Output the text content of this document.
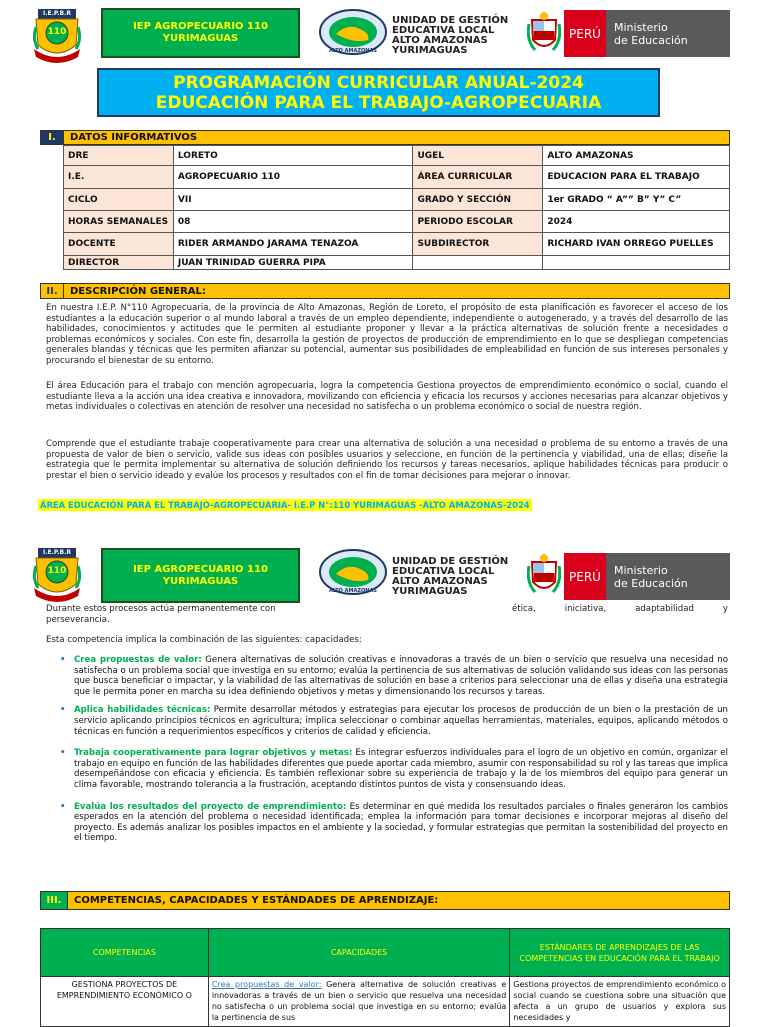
I.E.P.B.R
110	IEP AGROPECUARIO 110 YURIMAGUAS
ALTO AMAZONAS
UNIDAD DE GESTIÓN
EDUCATIVA LOCAL
ALTO AMAZONAS
YURIMAGUAS
PERÚ	Ministerio
de Educación
PROGRAMACIÓN CURRICULAR ANUAL-2024
EDUCACIÓN PARA EL TRABAJO-AGROPECUARIA
I.	DATOS INFORMATIVOS
DRE	LORETO	UGEL	ALTO AMAZONAS
I.E.	AGROPECUARIO 110	ÁREA CURRICULAR	EDUCACION PARA EL TRABAJO
CICLO	VII	GRADO Y SECCIÓN	1er GRADO “ A”” B” Y” C”
HORAS SEMANALES	08	PERIODO ESCOLAR	2024
DOCENTE	RIDER ARMANDO JARAMA TENAZOA	SUBDIRECTOR	RICHARD IVAN ORREGO PUELLES
DIRECTOR	JUAN TRINIDAD GUERRA PIPA		
II.	DESCRIPCIÓN GENERAL:
En nuestra I.E.P. N°110 Agropecuaria, de la provincia de Alto Amazonas, Región de Loreto, el propósito de esta planificación es favorecer el acceso de los estudiantes a la educación superior o al mundo laboral a través de un empleo dependiente, independiente o autogenerado, y a través del desarrollo de las habilidades, conocimientos y actitudes que le permiten al estudiante proponer y llevar a la práctica alternativas de solución frente a necesidades o problemas económicos y sociales. Con este fin, desarrolla la gestión de proyectos de producción de emprendimiento en lo que se despliegan competencias generales blandas y técnicas que les permiten afianzar su potencial, aumentar sus posibilidades de empleabilidad en función de sus intereses personales y procurando el bienestar de su entorno.
El área Educación para el trabajo con mención agropecuaria, logra la competencia Gestiona proyectos de emprendimiento económico o social, cuando el estudiante lleva a la acción una idea creativa e innovadora, movilizando con eficiencia y eficacia los recursos y acciones necesarias para alcanzar objetivos y metas individuales o colectivas en atención de resolver una necesidad no satisfecha o un problema económico o social de nuestra región.
Comprende que el estudiante trabaje cooperativamente para crear una alternativa de solución a una necesidad o problema de su entorno a través de una propuesta de valor de bien o servicio, valide sus ideas con posibles usuarios y seleccione, en función de la pertinencia y viabilidad, una de ellas; diseñe la estrategia que le permita implementar su alternativa de solución definiendo los recursos y tareas necesarios, aplique habilidades técnicas para producir o prestar el bien o servicio ideado y evalúe los procesos y resultados con el fin de tomar decisiones para mejorar o innovar.
ÁREA EDUCACIÓN PARA EL TRABAJO-AGROPECUARIA- I.E.P N°:110 YURIMAGUAS -ALTO AMAZONAS-2024
I.E.P.B.R
110	IEP AGROPECUARIO 110 YURIMAGUAS
ALTO AMAZONAS
UNIDAD DE GESTIÓN
EDUCATIVA LOCAL
ALTO AMAZONAS
YURIMAGUAS
PERÚ	Ministerio
de Educación
Durante estos procesos actúa permanentemente con	ética, iniciativa, adaptabilidad y
perseverancia.
Esta competencia implica la combinación de las siguientes: capacidades:
• Crea propuestas de valor: Genera alternativas de solución creativas e innovadoras a través de un bien o servicio que resuelva una necesidad no satisfecha o un problema social que investiga en su entorno; evalúa la pertinencia de sus alternativas de solución validando sus ideas con las personas que busca beneficiar o impactar, y la viabilidad de las alternativas de solución en base a criterios para seleccionar una de ellas y diseña una estrategia que le permita poner en marcha su idea definiendo objetivos y metas y dimensionando los recursos y tareas.
• Aplica habilidades técnicas: Permite desarrollar métodos y estrategias para ejecutar los procesos de producción de un bien o la prestación de un servicio aplicando principios técnicos en agricultura; implica seleccionar o combinar aquellas herramientas, materiales, equipos, aplicando métodos o técnicas en función a requerimientos específicos y criterios de calidad y eficiencia.
• Trabaja cooperativamente para lograr objetivos y metas: Es integrar esfuerzos individuales para el logro de un objetivo en común, organizar el trabajo en equipo en función de las habilidades diferentes que puede aportar cada miembro, asumir con responsabilidad su rol y las tareas que implica desempeñándose con eficacia y eficiencia. Es también reflexionar sobre su experiencia de trabajo y la de los miembros del equipo para generar un clima favorable, mostrando tolerancia a la frustración, aceptando distintos puntos de vista y consensuando ideas.
• Evalúa los resultados del proyecto de emprendimiento: Es determinar en qué medida los resultados parciales o finales generaron los cambios esperados en la atención del problema o necesidad identificada; emplea la información para tomar decisiones e incorporar mejoras al diseño del proyecto. Es además analizar los posibles impactos en el ambiente y la sociedad, y formular estrategias que permitan la sostenibilidad del proyecto en el tiempo.
III.	COMPETENCIAS, CAPACIDADES Y ESTÁNDADES DE APRENDIZAJE:
COMPETENCIAS	CAPACIDADES	ESTÁNDARES DE APRENDIZAJES DE LAS COMPETENCIAS EN EDUCACIÓN PARA EL TRABAJO
GESTIONA PROYECTOS DE EMPRENDIMIENTO ECONÓMICO O	Crea propuestas de valor: Genera alternativa de solución creativas e innovadoras a través de un bien o servicio que resuelva una necesidad no satisfecha o un problema social que investiga en su entorno; evalúa la pertinencia de sus	Gestiona proyectos de emprendimiento económico o social cuando se cuestiona sobre una situación que afecta a un grupo de usuarios y explora sus necesidades y
